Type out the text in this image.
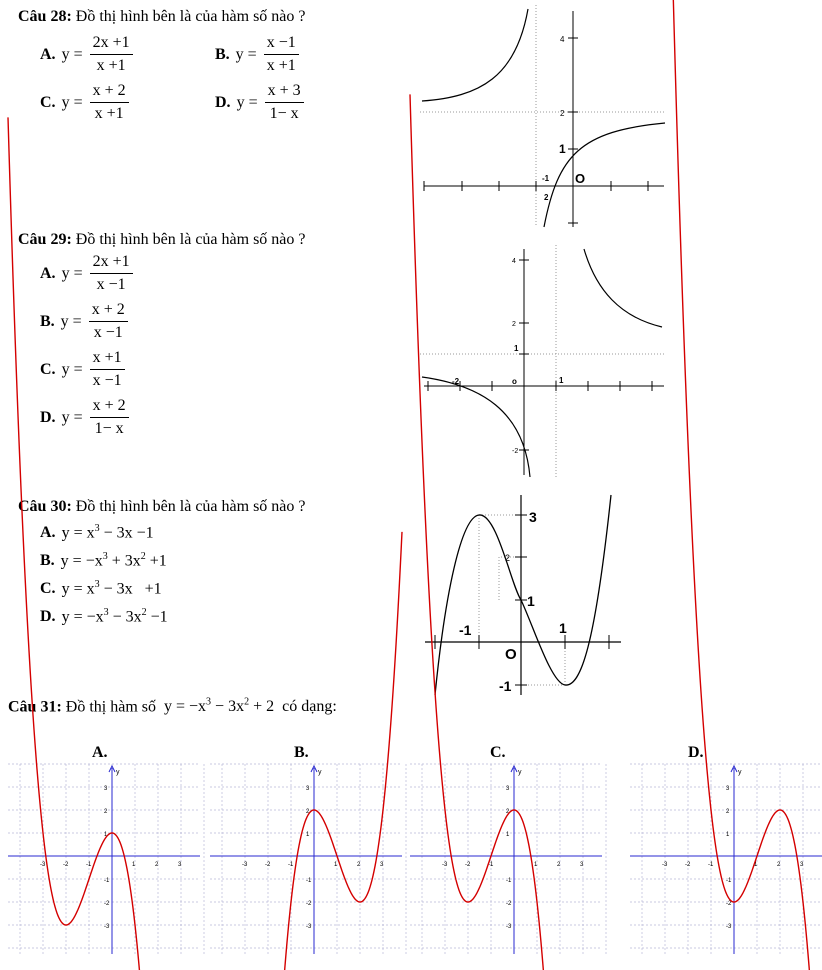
Câu 28: Đồ thị hình bên là của hàm số nào ?
A. $y = \frac{2x +1}{x +1}$	B. $y = \frac{x -1}{x +1}$
C. $y = \frac{x + 2}{x +1}$	D. $y = \frac{x + 3}{1- x}$
4
2
1
-1
2
O
Câu 29: Đồ thị hình bên là của hàm số nào ?
A. $y = \frac{2x +1}{x -1}$
B. $y = \frac{x + 2}{x -1}$
C. $y = \frac{x +1}{x -1}$
D. $y = \frac{x + 2}{1- x}$
4
2
1
-2	o	1
-2
Câu 30: Đồ thị hình bên là của hàm số nào ?
A. $y = x^3 - 3x -1$
B. $y = -x^3 + 3x^2 +1$
C. $y = x^3 - 3x +1$
D. $y = -x^3 - 3x^2 -1$
3
2
1
-1	1
O
-1
Câu 31: Đồ thị hàm số $y = -x^3 - 3x^2 + 2$ có dạng:
A.
y
-3	-2	-1	1	2	3
3
2
1
-1
-2
-3
B.
y
-3	-2	-1	1	2	3
3
2
1
-1
-2
-3
C.
y
-3	-2	-1	1	2	3
3
2
1
-1
-2
-3
D.
y
-3	-2	-1	1	2	3
3
2
1
-1
-2
-3
